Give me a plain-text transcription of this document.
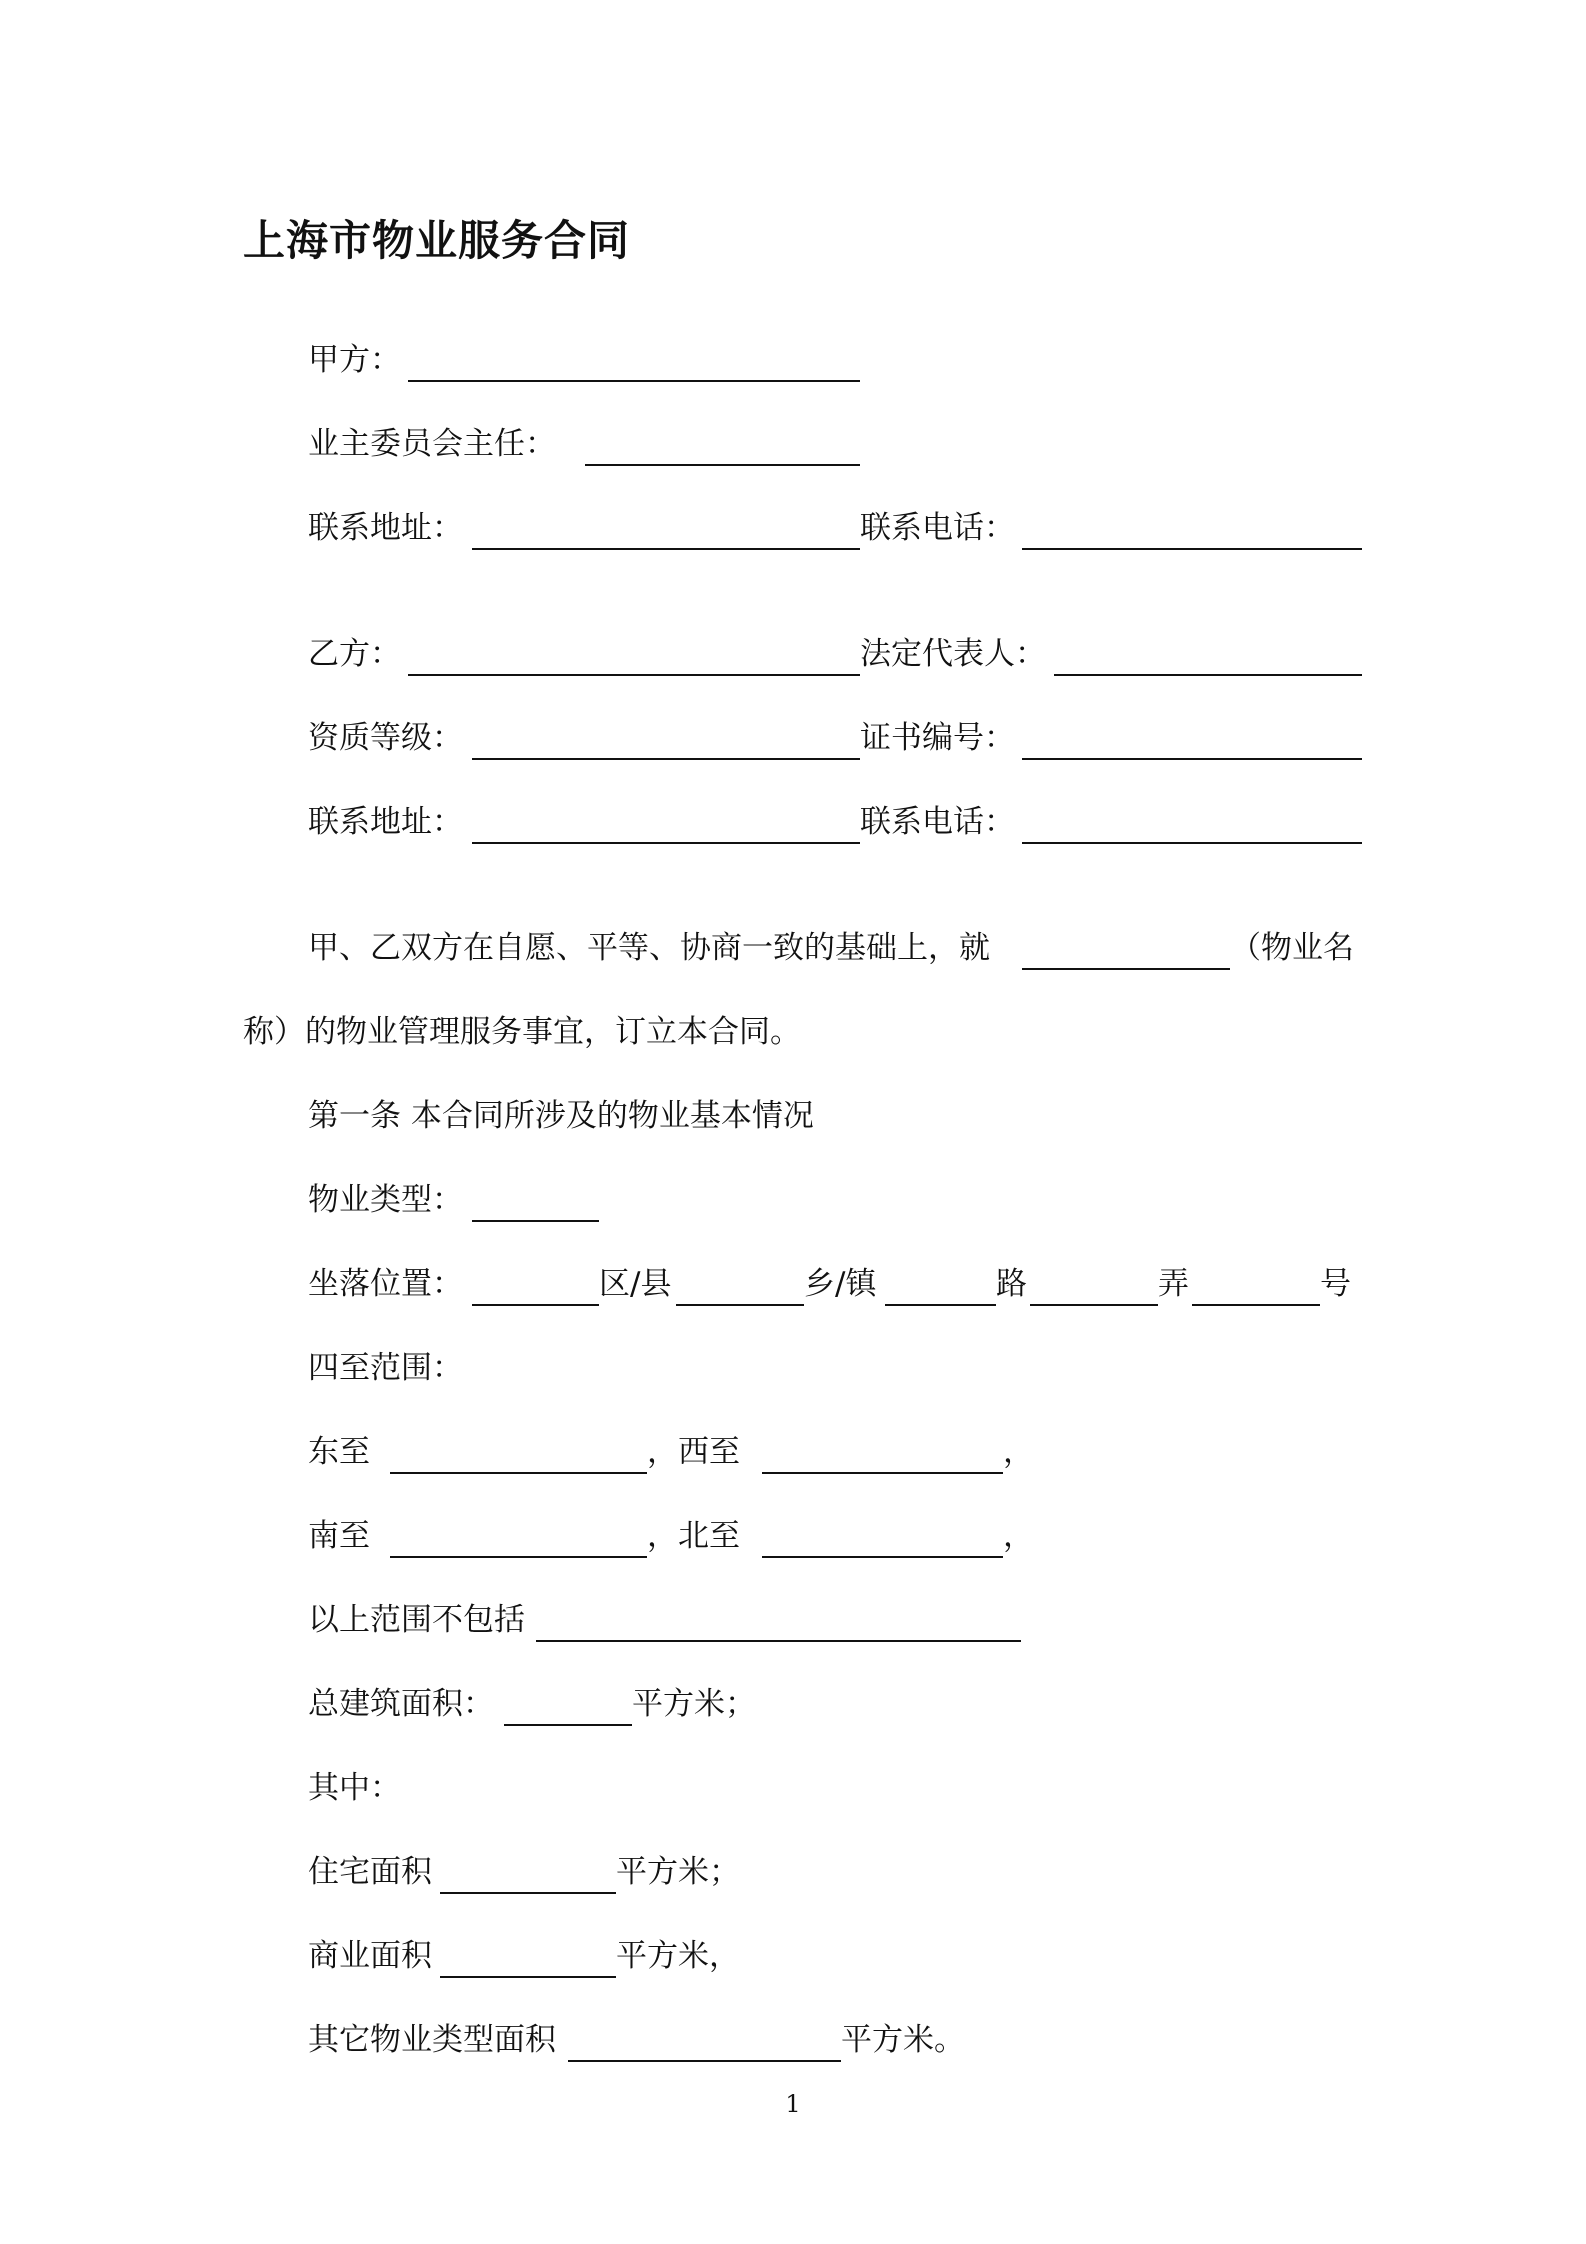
上海市物业服务合同
甲方：
业主委员会主任：
联系地址：	联系电话：
乙方：	法定代表人：
资质等级：	证书编号：
联系地址：	联系电话：
甲、乙双方在自愿、平等、协商一致的基础上，就	（物业名
称）的物业管理服务事宜，订立本合同。
第一条 本合同所涉及的物业基本情况
物业类型：
坐落位置：	区/县	乡/镇	路	弄	号
四至范围：
东至	，西至	，
南至	，北至	，
以上范围不包括
总建筑面积：	平方米；
其中：
住宅面积	平方米；
商业面积	平方米，
其它物业类型面积	平方米。
1
